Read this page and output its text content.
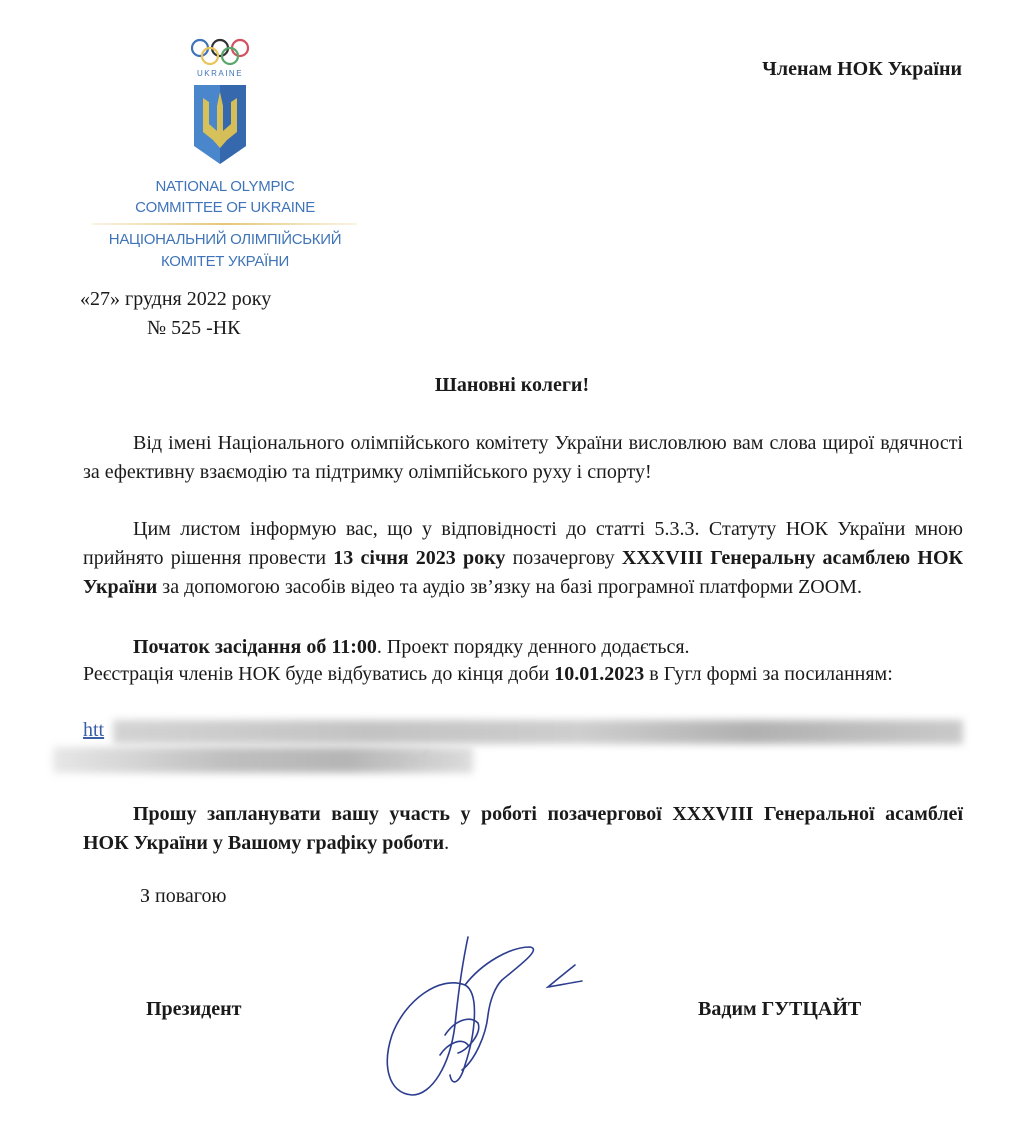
UKRAINE
NATIONAL OLYMPIC
COMMITTEE OF UKRAINE
НАЦІОНАЛЬНИЙ ОЛІМПІЙСЬКИЙ
КОМІТЕТ УКРАЇНИ
Членам НОК України
«27» грудня 2022 року
№ 525 -НК
Шановні колеги!
Від імені Національного олімпійського комітету України висловлюю вам слова щирої вдячності за ефективну взаємодію та підтримку олімпійського руху і спорту!
Цим листом інформую вас, що у відповідності до статті 5.3.3. Статуту НОК України мною прийнято рішення провести 13 січня 2023 року позачергову XXXVIII Генеральну асамблею НОК України за допомогою засобів відео та аудіо зв’язку на базі програмної платформи ZOOM.
Початок засідання об 11:00. Проект порядку денного додається.
Реєстрація членів НОК буде відбуватись до кінця доби 10.01.2023 в Гугл формі за посиланням:
htt
Прошу запланувати вашу участь у роботі позачергової XXXVIII Генеральної асамблеї НОК України у Вашому графіку роботи.
З повагою
Президент	Вадим ГУТЦАЙТ
